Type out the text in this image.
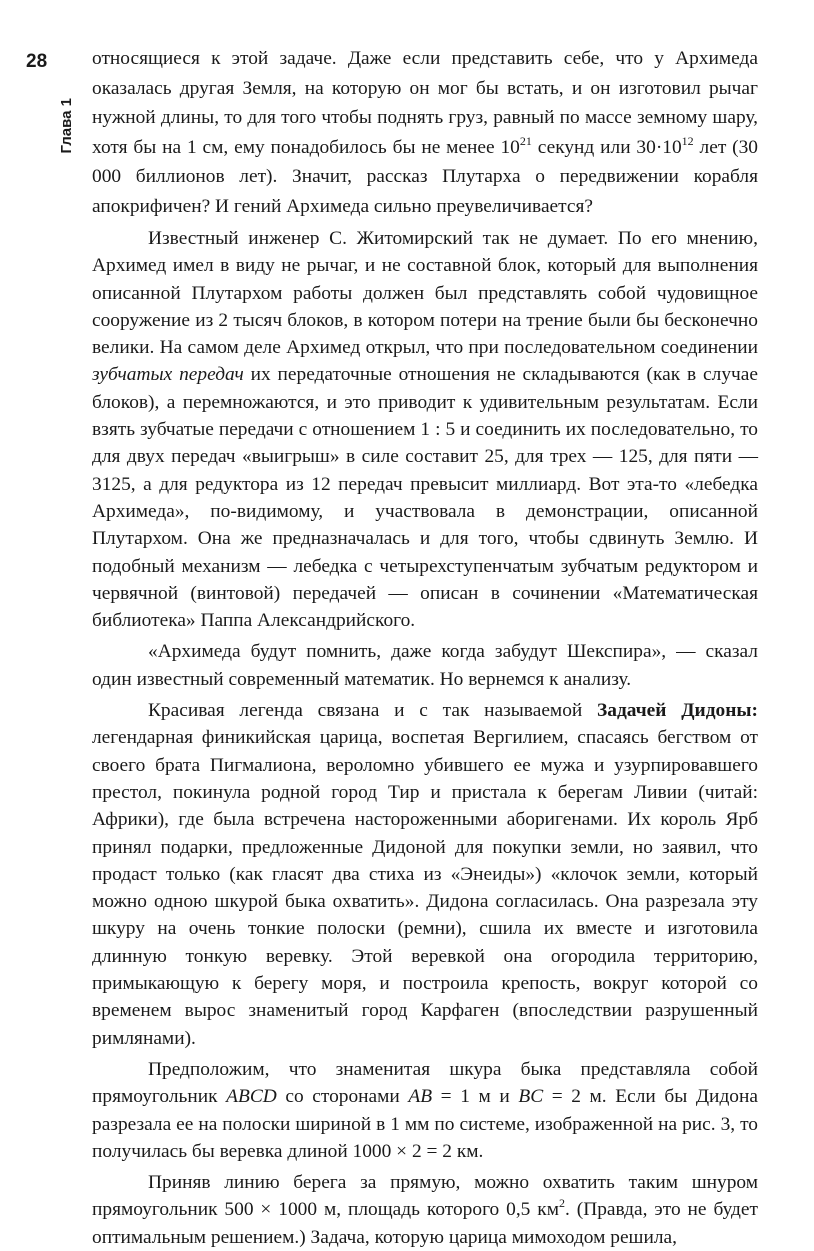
28
Глава 1

относящиеся к этой задаче. Даже если представить себе, что у Архимеда оказалась другая Земля, на которую он мог бы встать, и он изготовил рычаг нужной длины, то для того чтобы поднять груз, равный по массе земному шару, хотя бы на 1 см, ему понадобилось бы не менее $10^{21}$ секунд или $30\cdot 10^{12}$ лет (30 000 биллионов лет). Значит, рассказ Плутарха о передвижении корабля апокрифичен? И гений Архимеда сильно преувеличивается?

Известный инженер С. Житомирский так не думает. По его мнению, Архимед имел в виду не рычаг, и не составной блок, который для выполнения описанной Плутархом работы должен был представлять собой чудовищное сооружение из 2 тысяч блоков, в котором потери на трение были бы бесконечно велики. На самом деле Архимед открыл, что при последовательном соединении зубчатых передач их передаточные отношения не складываются (как в случае блоков), а перемножаются, и это приводит к удивительным результатам. Если взять зубчатые передачи с отношением 1 : 5 и соединить их последовательно, то для двух передач «выигрыш» в силе составит 25, для трех — 125, для пяти — 3125, а для редуктора из 12 передач превысит миллиард. Вот эта-то «лебедка Архимеда», по-видимому, и участвовала в демонстрации, описанной Плутархом. Она же предназначалась и для того, чтобы сдвинуть Землю. И подобный механизм — лебедка с четырехступенчатым зубчатым редуктором и червячной (винтовой) передачей — описан в сочинении «Математическая библиотека» Паппа Александрийского.

«Архимеда будут помнить, даже когда забудут Шекспира», — сказал один известный современный математик. Но вернемся к анализу.

Красивая легенда связана и с так называемой Задачей Дидоны: легендарная финикийская царица, воспетая Вергилием, спасаясь бегством от своего брата Пигмалиона, вероломно убившего ее мужа и узурпировавшего престол, покинула родной город Тир и пристала к берегам Ливии (читай: Африки), где была встречена настороженными аборигенами. Их король Ярб принял подарки, предложенные Дидоной для покупки земли, но заявил, что продаст только (как гласят два стиха из «Энеиды») «клочок земли, который можно одною шкурой быка охватить». Дидона согласилась. Она разрезала эту шкуру на очень тонкие полоски (ремни), сшила их вместе и изготовила длинную тонкую веревку. Этой веревкой она огородила территорию, примыкающую к берегу моря, и построила крепость, вокруг которой со временем вырос знаменитый город Карфаген (впоследствии разрушенный римлянами).

Предположим, что знаменитая шкура быка представляла собой прямоугольник ABCD со сторонами AB = 1 м и BC = 2 м. Если бы Дидона разрезала ее на полоски шириной в 1 мм по системе, изображенной на рис. 3, то получилась бы веревка длиной 1000 × 2 = 2 км.

Приняв линию берега за прямую, можно охватить таким шнуром прямоугольник 500 × 1000 м, площадь которого 0,5 $км^2$. (Правда, это не будет оптимальным решением.) Задача, которую царица мимоходом решила,
